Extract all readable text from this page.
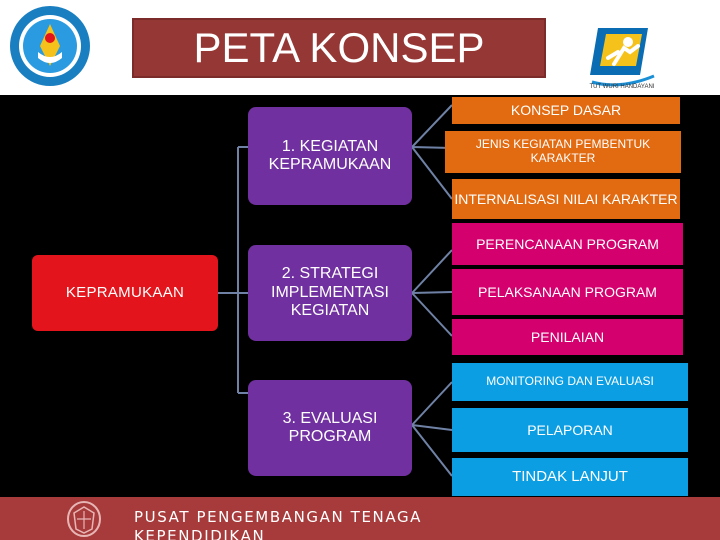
PETA KONSEP
TUT WURI HANDAYANI
KEPRAMUKAAN
1. KEGIATAN KEPRAMUKAAN
2. STRATEGI IMPLEMENTASI KEGIATAN
3. EVALUASI PROGRAM
KONSEP DASAR
JENIS KEGIATAN PEMBENTUK KARAKTER
INTERNALISASI NILAI KARAKTER
PERENCANAAN PROGRAM
PELAKSANAAN PROGRAM
PENILAIAN
MONITORING DAN EVALUASI
PELAPORAN
TINDAK LANJUT
PUSAT PENGEMBANGAN TENAGA
KEPENDIDIKAN
